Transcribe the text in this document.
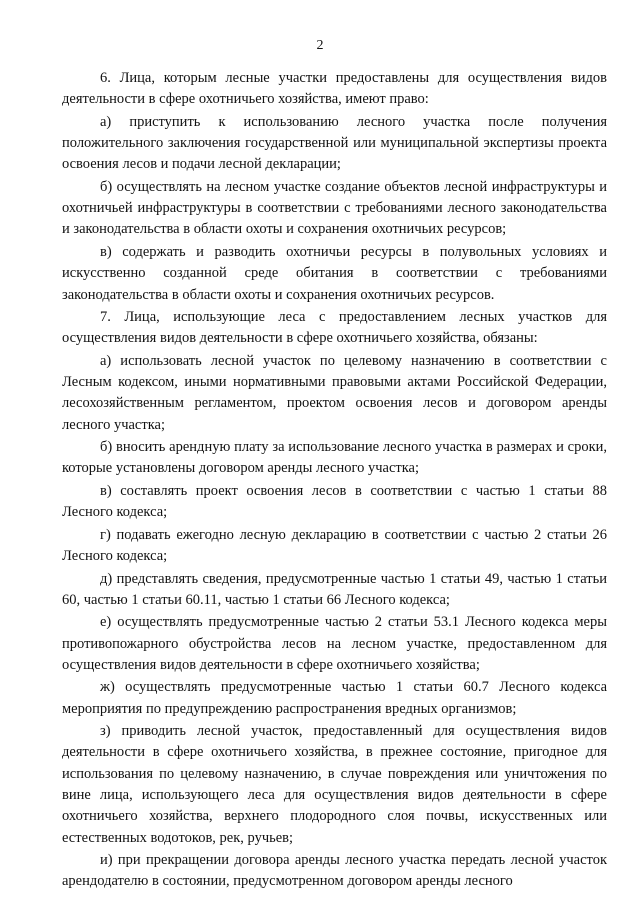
2

6. Лица, которым лесные участки предоставлены для осуществления видов деятельности в сфере охотничьего хозяйства, имеют право:

а) приступить к использованию лесного участка после получения положительного заключения государственной или муниципальной экспертизы проекта освоения лесов и подачи лесной декларации;

б) осуществлять на лесном участке создание объектов лесной инфраструктуры и охотничьей инфраструктуры в соответствии с требованиями лесного законодательства и законодательства в области охоты и сохранения охотничьих ресурсов;

в) содержать и разводить охотничьи ресурсы в полувольных условиях и искусственно созданной среде обитания в соответствии с требованиями законодательства в области охоты и сохранения охотничьих ресурсов.

7. Лица, использующие леса с предоставлением лесных участков для осуществления видов деятельности в сфере охотничьего хозяйства, обязаны:

а) использовать лесной участок по целевому назначению в соответствии с Лесным кодексом, иными нормативными правовыми актами Российской Федерации, лесохозяйственным регламентом, проектом освоения лесов и договором аренды лесного участка;

б) вносить арендную плату за использование лесного участка в размерах и сроки, которые установлены договором аренды лесного участка;

в) составлять проект освоения лесов в соответствии с частью 1 статьи 88 Лесного кодекса;

г) подавать ежегодно лесную декларацию в соответствии с частью 2 статьи 26 Лесного кодекса;

д) представлять сведения, предусмотренные частью 1 статьи 49, частью 1 статьи 60, частью 1 статьи 60.11, частью 1 статьи 66 Лесного кодекса;

е) осуществлять предусмотренные частью 2 статьи 53.1 Лесного кодекса меры противопожарного обустройства лесов на лесном участке, предоставленном для осуществления видов деятельности в сфере охотничьего хозяйства;

ж) осуществлять предусмотренные частью 1 статьи 60.7 Лесного кодекса мероприятия по предупреждению распространения вредных организмов;

з) приводить лесной участок, предоставленный для осуществления видов деятельности в сфере охотничьего хозяйства, в прежнее состояние, пригодное для использования по целевому назначению, в случае повреждения или уничтожения по вине лица, использующего леса для осуществления видов деятельности в сфере охотничьего хозяйства, верхнего плодородного слоя почвы, искусственных или естественных водотоков, рек, ручьев;

и) при прекращении договора аренды лесного участка передать лесной участок арендодателю в состоянии, предусмотренном договором аренды лесного
